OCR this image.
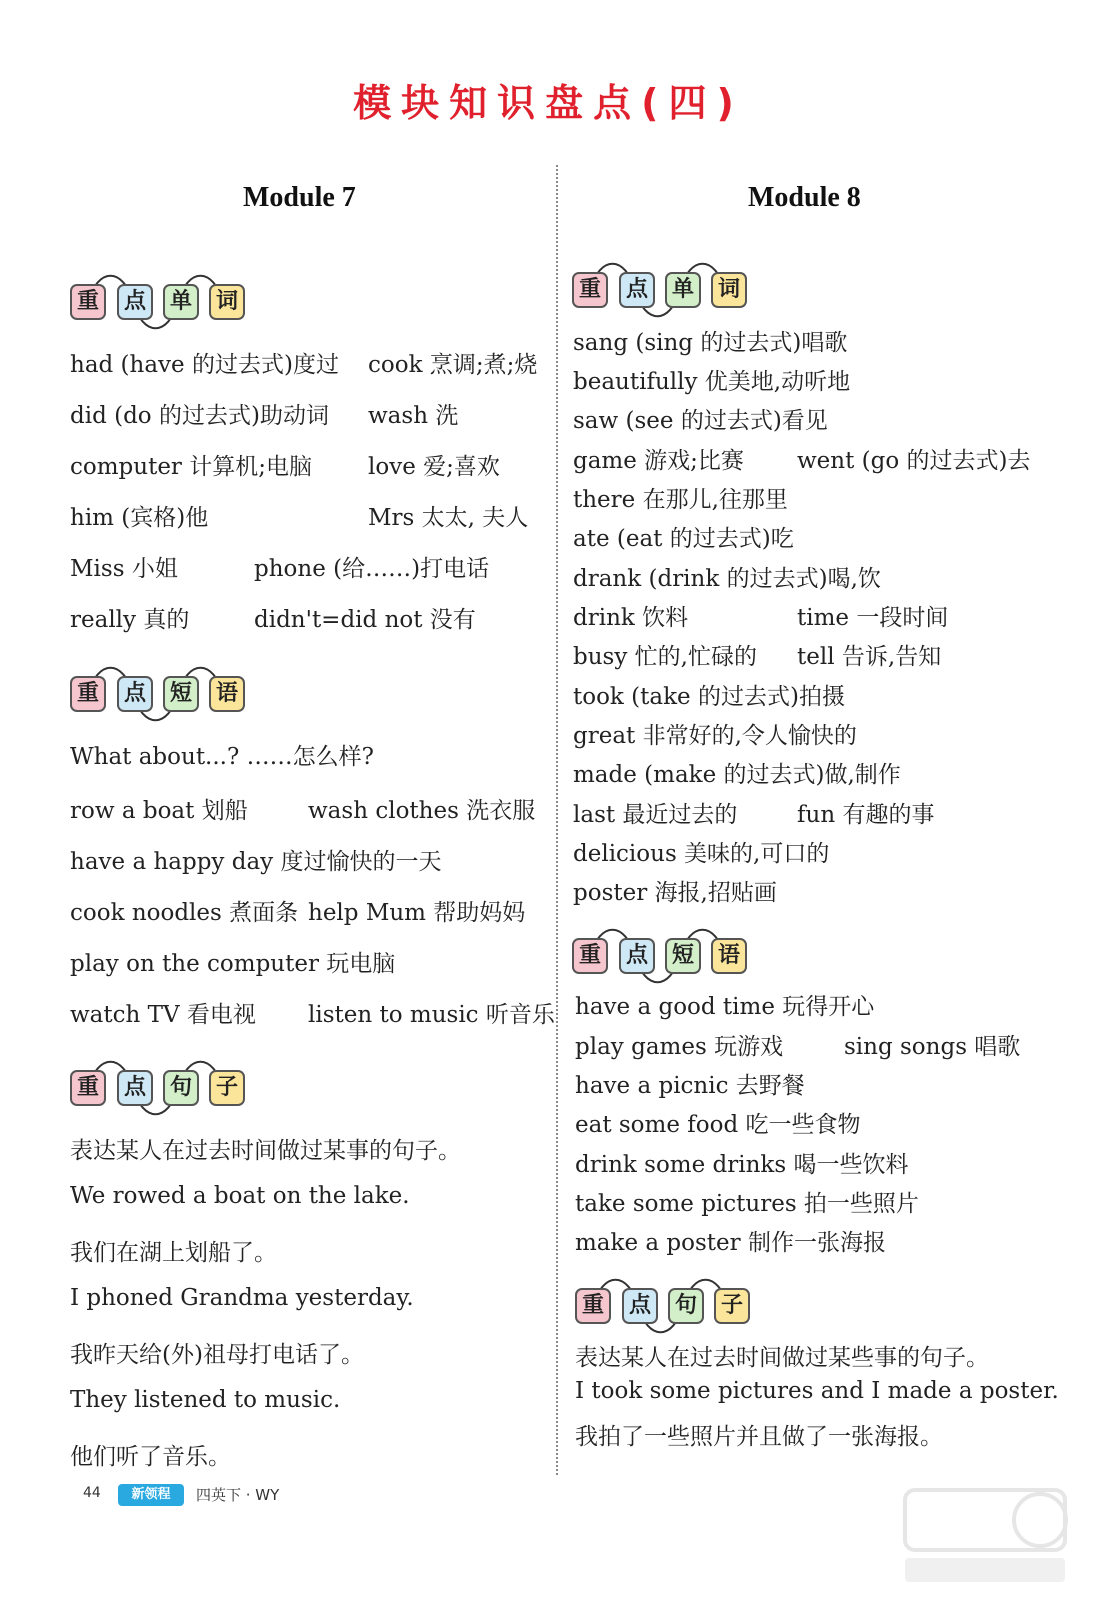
模块知识盘点(四)
Module 7
重	点	单	词
had (have 的过去式)度过 cook 烹调;煮;烧
did (do 的过去式)助动词 wash 洗
computer 计算机;电脑 love 爱;喜欢
him (宾格)他	Mrs 太太, 夫人
Miss 小姐	phone (给……)打电话
really 真的	didn't=did not 没有
重	点	短	语
What about...? ……怎么样?
row a boat 划船	wash clothes 洗衣服
have a happy day 度过愉快的一天
cook noodles 煮面条 help Mum 帮助妈妈
play on the computer 玩电脑
watch TV 看电视 listen to music 听音乐
重	点	句	子
表达某人在过去时间做过某事的句子。
We rowed a boat on the lake.
我们在湖上划船了。
I phoned Grandma yesterday.
我昨天给(外)祖母打电话了。
They listened to music.
他们听了音乐。
Module 8
重	点	单	词
sang (sing 的过去式)唱歌
beautifully 优美地,动听地
saw (see 的过去式)看见
game 游戏;比赛 went (go 的过去式)去
there 在那儿,往那里
ate (eat 的过去式)吃
drank (drink 的过去式)喝,饮
drink 饮料	time 一段时间
busy 忙的,忙碌的 tell 告诉,告知
took (take 的过去式)拍摄
great 非常好的,令人愉快的
made (make 的过去式)做,制作
last 最近过去的	fun 有趣的事
delicious 美味的,可口的
poster 海报,招贴画
重	点	短	语
have a good time 玩得开心
play games 玩游戏	sing songs 唱歌
have a picnic 去野餐
eat some food 吃一些食物
drink some drinks 喝一些饮料
take some pictures 拍一些照片
make a poster 制作一张海报
重	点	句	子
表达某人在过去时间做过某些事的句子。
I took some pictures and I made a poster.
我拍了一些照片并且做了一张海报。
44	新领程	四英下 · WY
